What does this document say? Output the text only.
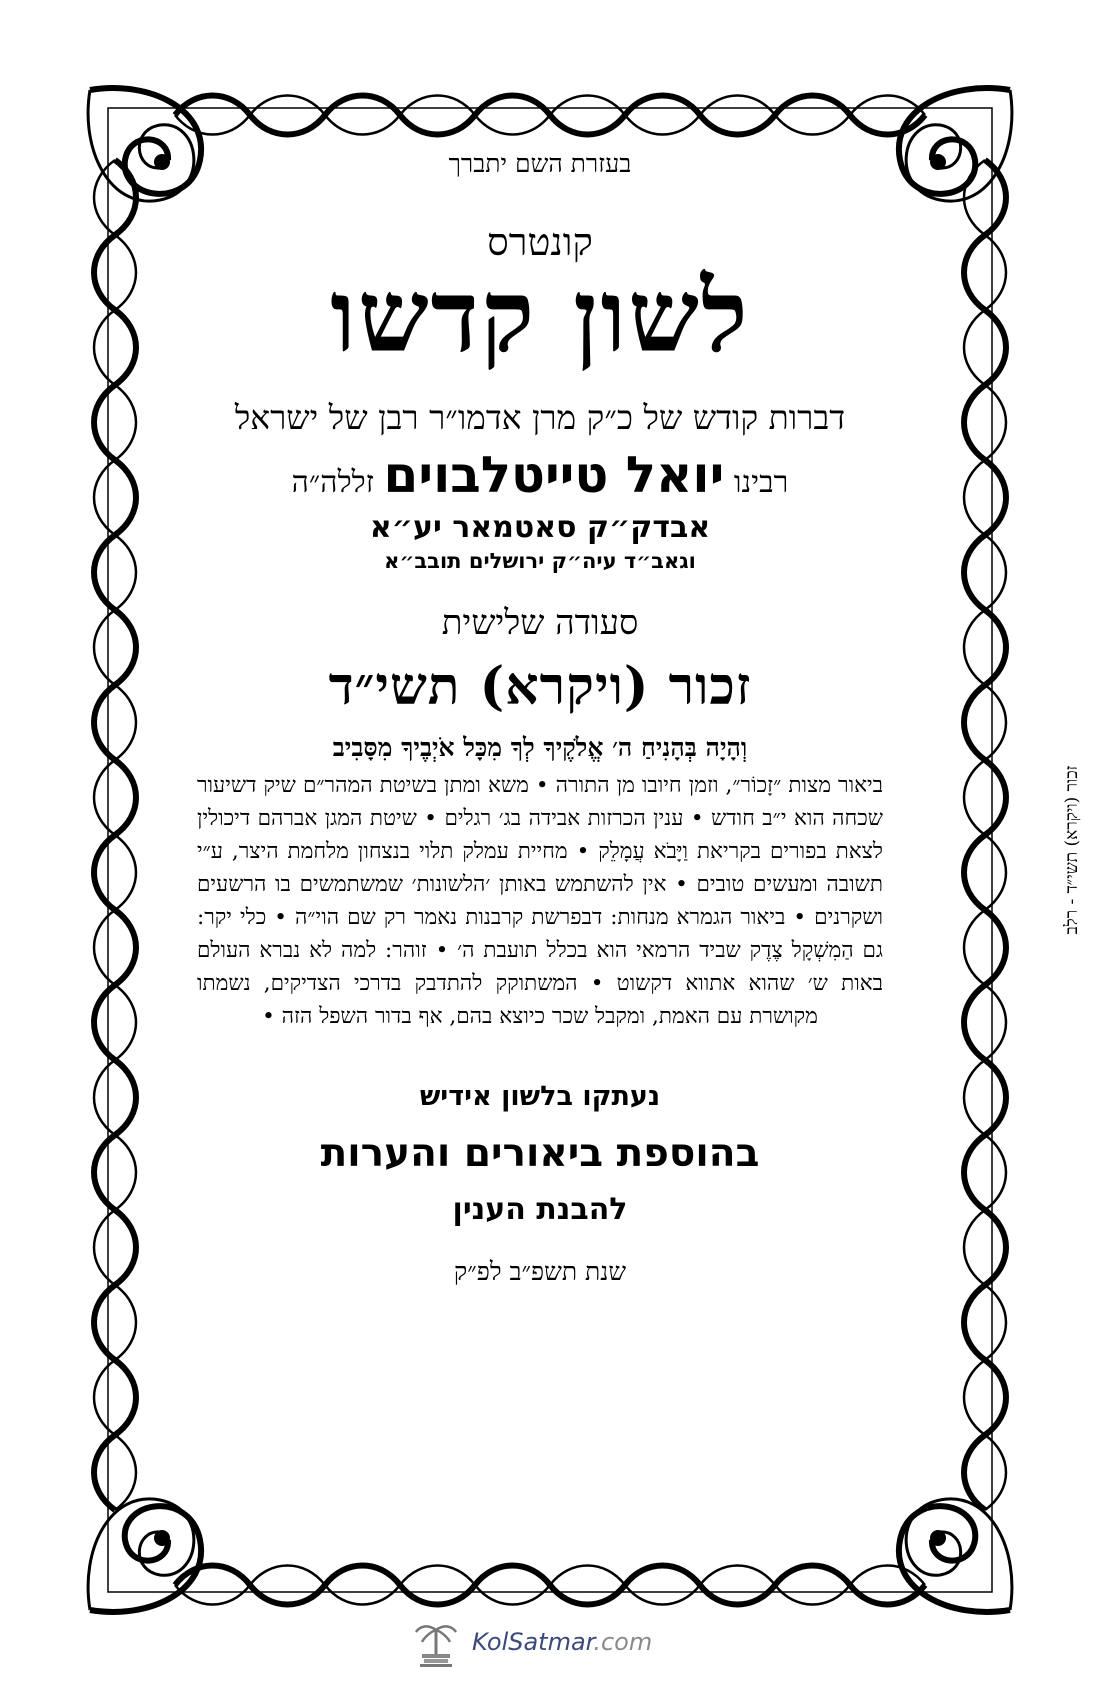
בעזרת השם יתברך
קונטרס
לשון קדשו
דברות קודש של כ״ק מרן אדמו״ר רבן של ישראל
רבינו יואל טייטלבוים זללה״ה
אבדק״ק סאטמאר יע״א
וגאב״ד עיה״ק ירושלים תובב״א
סעודה שלישית
זכור (ויקרא) תשי״ד
וְהָיָה בְּהָנִיחַ ה׳ אֱלֹקֶיךָ לְךָ מִכָּל אֹיְבֶיךָ מִסָּבִיב

ביאור מצות ״זָכוֹר״, וזמן חיובו מן התורה • משא ומתן בשיטת המהר״ם שיק דשיעור שכחה הוא י״ב חודש • ענין הכרזות אבידה בג׳ רגלים • שיטת המגן אברהם דיכולין לצאת בפורים בקריאת וַיָּבֹא עֲמָלֵק • מחיית עמלק תלוי בנצחון מלחמת היצר, ע״י תשובה ומעשים טובים • אין להשתמש באותן ׳הלשונות׳ שמשתמשים בו הרשעים ושקרנים • ביאור הגמרא מנחות: דבפרשת קרבנות נאמר רק שם הוי״ה • כלי יקר: גם הַמִשְׁקָל צֶדֶק שביד הרמאי הוא בכלל תועבת ה׳ • זוהר: למה לא נברא העולם באות ש׳ שהוא אתווא דקשוט • המשתוקק להתדבק בדרכי הצדיקים, נשמתו מקושרת עם האמת, ומקבל שכר כיוצא בהם, אף בדור השפל הזה •

נעתקו בלשון אידיש
בהוספת ביאורים והערות
להבנת הענין
שנת תשפ״ב לפ״ק
זכור (ויקרא) תשי״ד - רלב
KolSatmar.com
